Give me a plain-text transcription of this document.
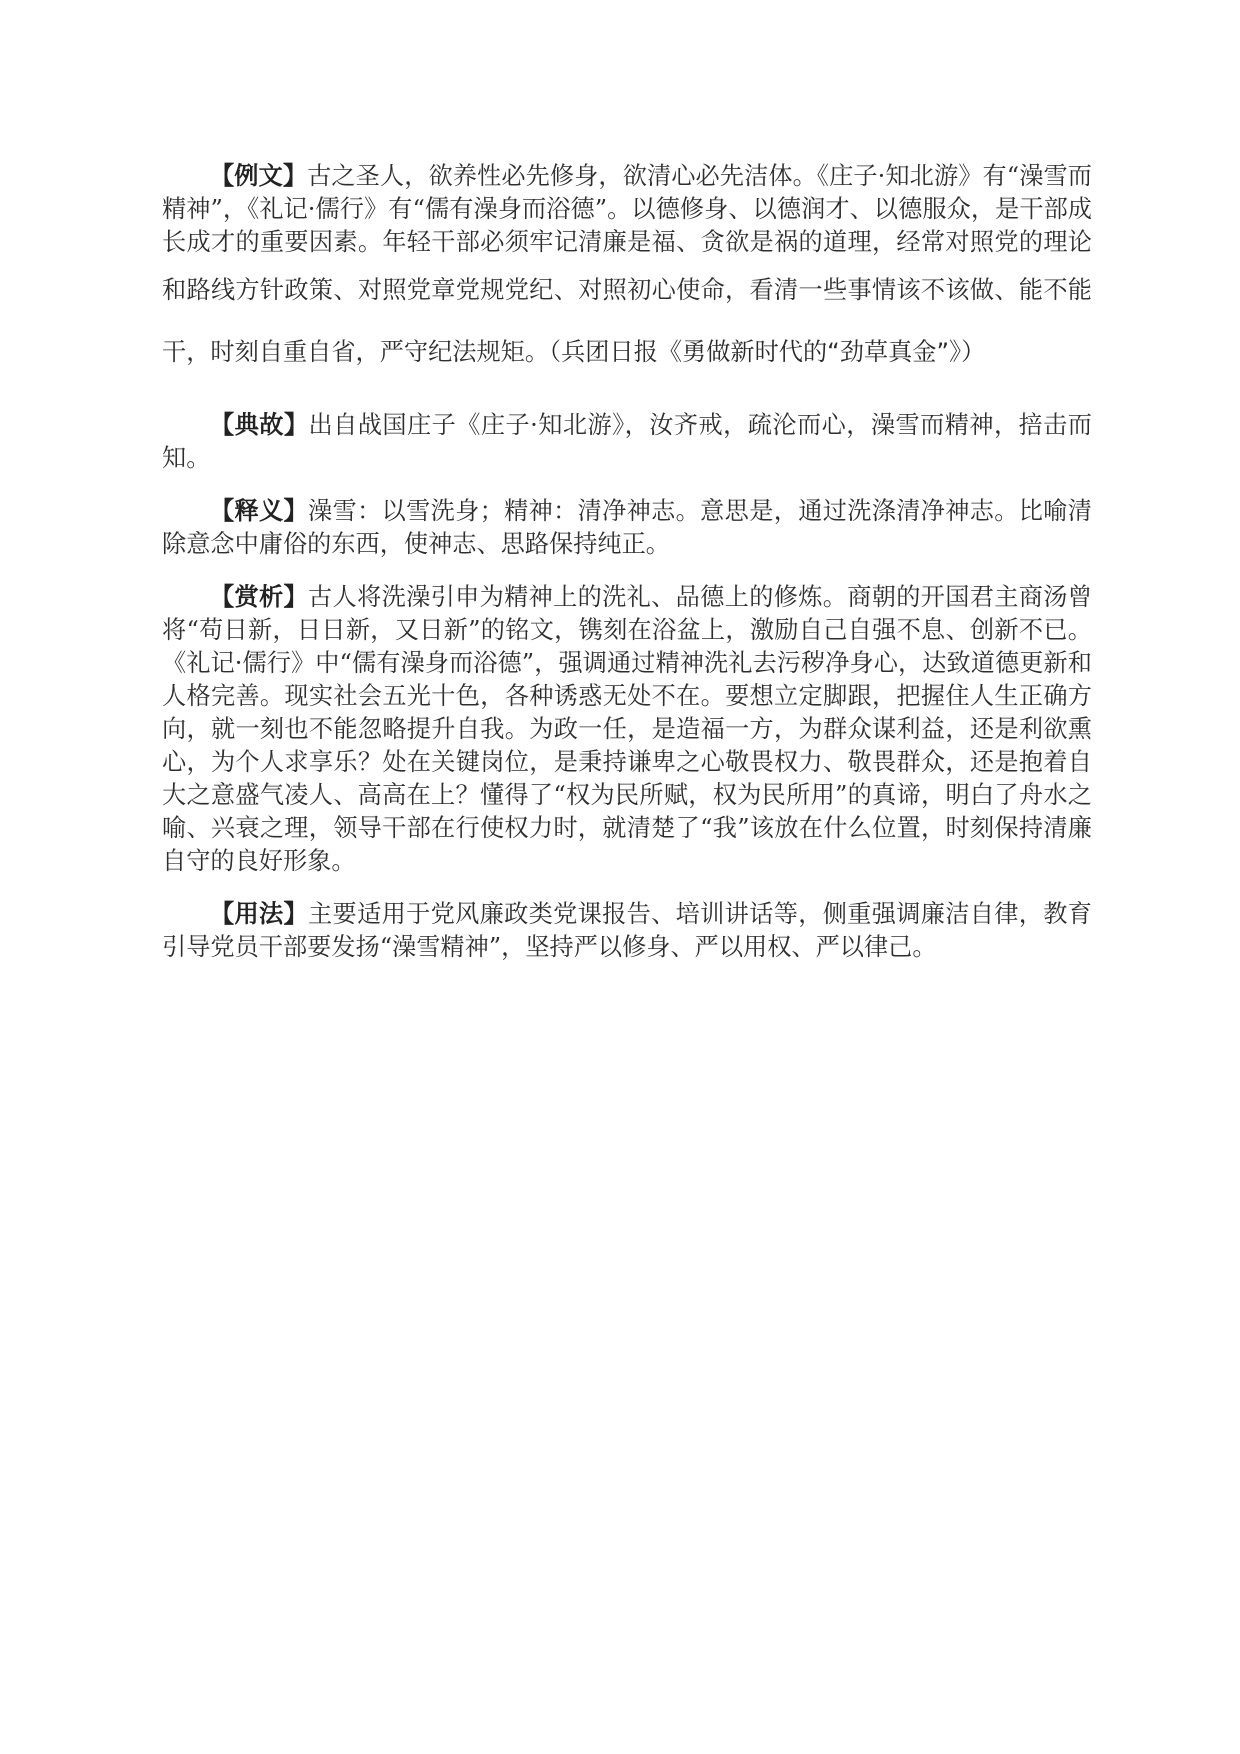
【例文】古之圣人，欲养性必先修身，欲清心必先洁体。《庄子·知北游》有“澡雪而精神”，《礼记·儒行》有“儒有澡身而浴德”。以德修身、以德润才、以德服众，是干部成长成才的重要因素。年轻干部必须牢记清廉是福、贪欲是祸的道理，经常对照党的理论和路线方针政策、对照党章党规党纪、对照初心使命，看清一些事情该不该做、能不能干，时刻自重自省，严守纪法规矩。（兵团日报《勇做新时代的“劲草真金”》）

【典故】出自战国庄子《庄子·知北游》，汝齐戒，疏沦而心，澡雪而精神，掊击而知。

【释义】澡雪：以雪洗身；精神：清净神志。意思是，通过洗涤清净神志。比喻清除意念中庸俗的东西，使神志、思路保持纯正。

【赏析】古人将洗澡引申为精神上的洗礼、品德上的修炼。商朝的开国君主商汤曾将“苟日新，日日新，又日新”的铭文，镌刻在浴盆上，激励自己自强不息、创新不已。《礼记·儒行》中“儒有澡身而浴德”，强调通过精神洗礼去污秽净身心，达致道德更新和人格完善。现实社会五光十色，各种诱惑无处不在。要想立定脚跟，把握住人生正确方向，就一刻也不能忽略提升自我。为政一任，是造福一方，为群众谋利益，还是利欲熏心，为个人求享乐？处在关键岗位，是秉持谦卑之心敬畏权力、敬畏群众，还是抱着自大之意盛气凌人、高高在上？懂得了“权为民所赋，权为民所用”的真谛，明白了舟水之喻、兴衰之理，领导干部在行使权力时，就清楚了“我”该放在什么位置，时刻保持清廉自守的良好形象。

【用法】主要适用于党风廉政类党课报告、培训讲话等，侧重强调廉洁自律，教育引导党员干部要发扬“澡雪精神”，坚持严以修身、严以用权、严以律己。
